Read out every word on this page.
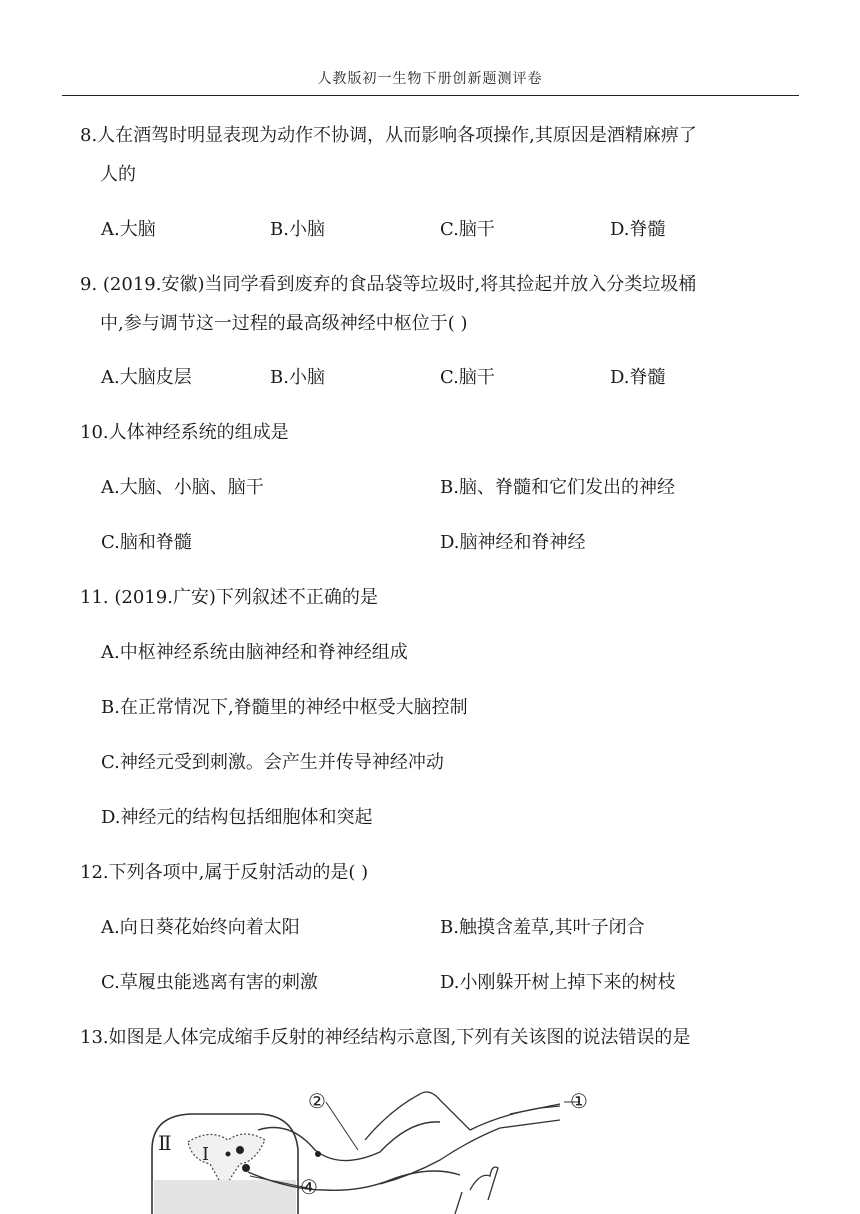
人教版初一生物下册创新题测评卷
8.人在酒驾时明显表现为动作不协调，从而影响各项操作,其原因是酒精麻痹了
人的
A.大脑	B.小脑	C.脑干	D.脊髓
9. (2019.安徽)当同学看到废弃的食品袋等垃圾时,将其捡起并放入分类垃圾桶
中,参与调节这一过程的最高级神经中枢位于( )
A.大脑皮层	B.小脑	C.脑干	D.脊髓
10.人体神经系统的组成是
A.大脑、小脑、脑干	B.脑、脊髓和它们发出的神经
C.脑和脊髓	D.脑神经和脊神经
11. (2019.广安)下列叙述不正确的是
A.中枢神经系统由脑神经和脊神经组成
B.在正常情况下,脊髓里的神经中枢受大脑控制
C.神经元受到刺激。会产生并传导神经冲动
D.神经元的结构包括细胞体和突起
12.下列各项中,属于反射活动的是( )
A.向日葵花始终向着太阳	B.触摸含羞草,其叶子闭合
C.草履虫能逃离有害的刺激	D.小刚躲开树上掉下来的树枝
13.如图是人体完成缩手反射的神经结构示意图,下列有关该图的说法错误的是
①
②
④
Ⅱ Ⅰ
